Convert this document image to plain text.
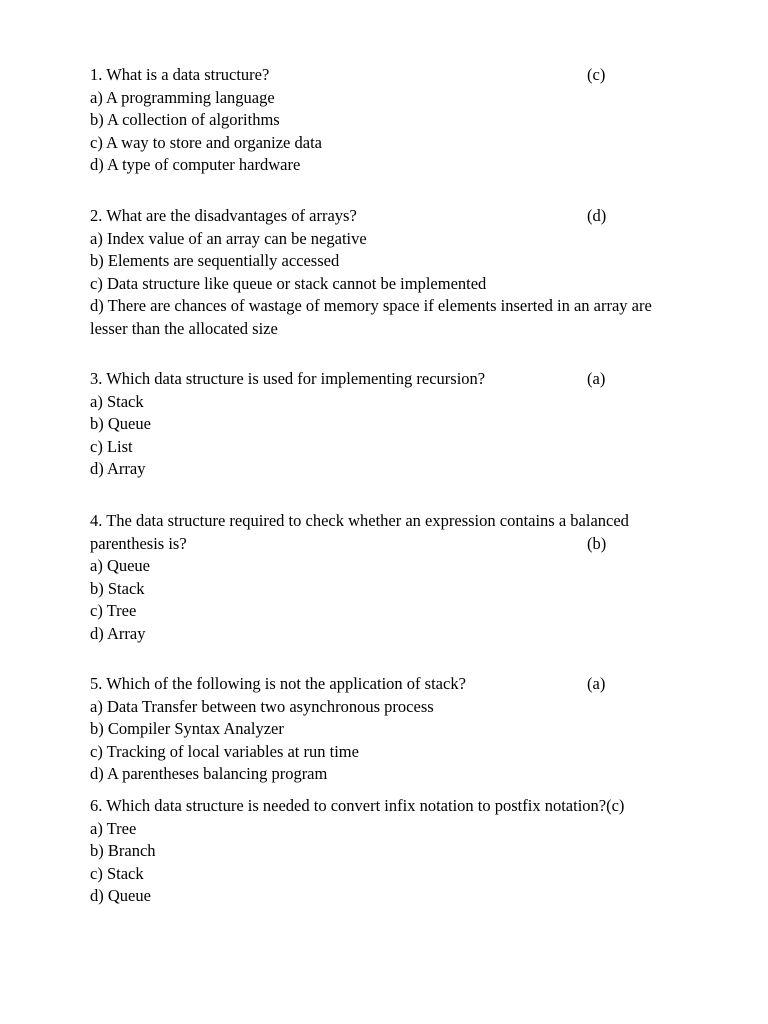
1. What is a data structure?	(c)
a) A programming language
b) A collection of algorithms
c) A way to store and organize data
d) A type of computer hardware
2. What are the disadvantages of arrays?	(d)
a) Index value of an array can be negative
b) Elements are sequentially accessed
c) Data structure like queue or stack cannot be implemented
d) There are chances of wastage of memory space if elements inserted in an array are lesser than the allocated size
3. Which data structure is used for implementing recursion?	(a)
a) Stack
b) Queue
c) List
d) Array
4. The data structure required to check whether an expression contains a balanced
parenthesis is?	(b)
a) Queue
b) Stack
c) Tree
d) Array
5. Which of the following is not the application of stack?	(a)
a) Data Transfer between two asynchronous process
b) Compiler Syntax Analyzer
c) Tracking of local variables at run time
d) A parentheses balancing program
6. Which data structure is needed to convert infix notation to postfix notation?(c)
a) Tree
b) Branch
c) Stack
d) Queue
